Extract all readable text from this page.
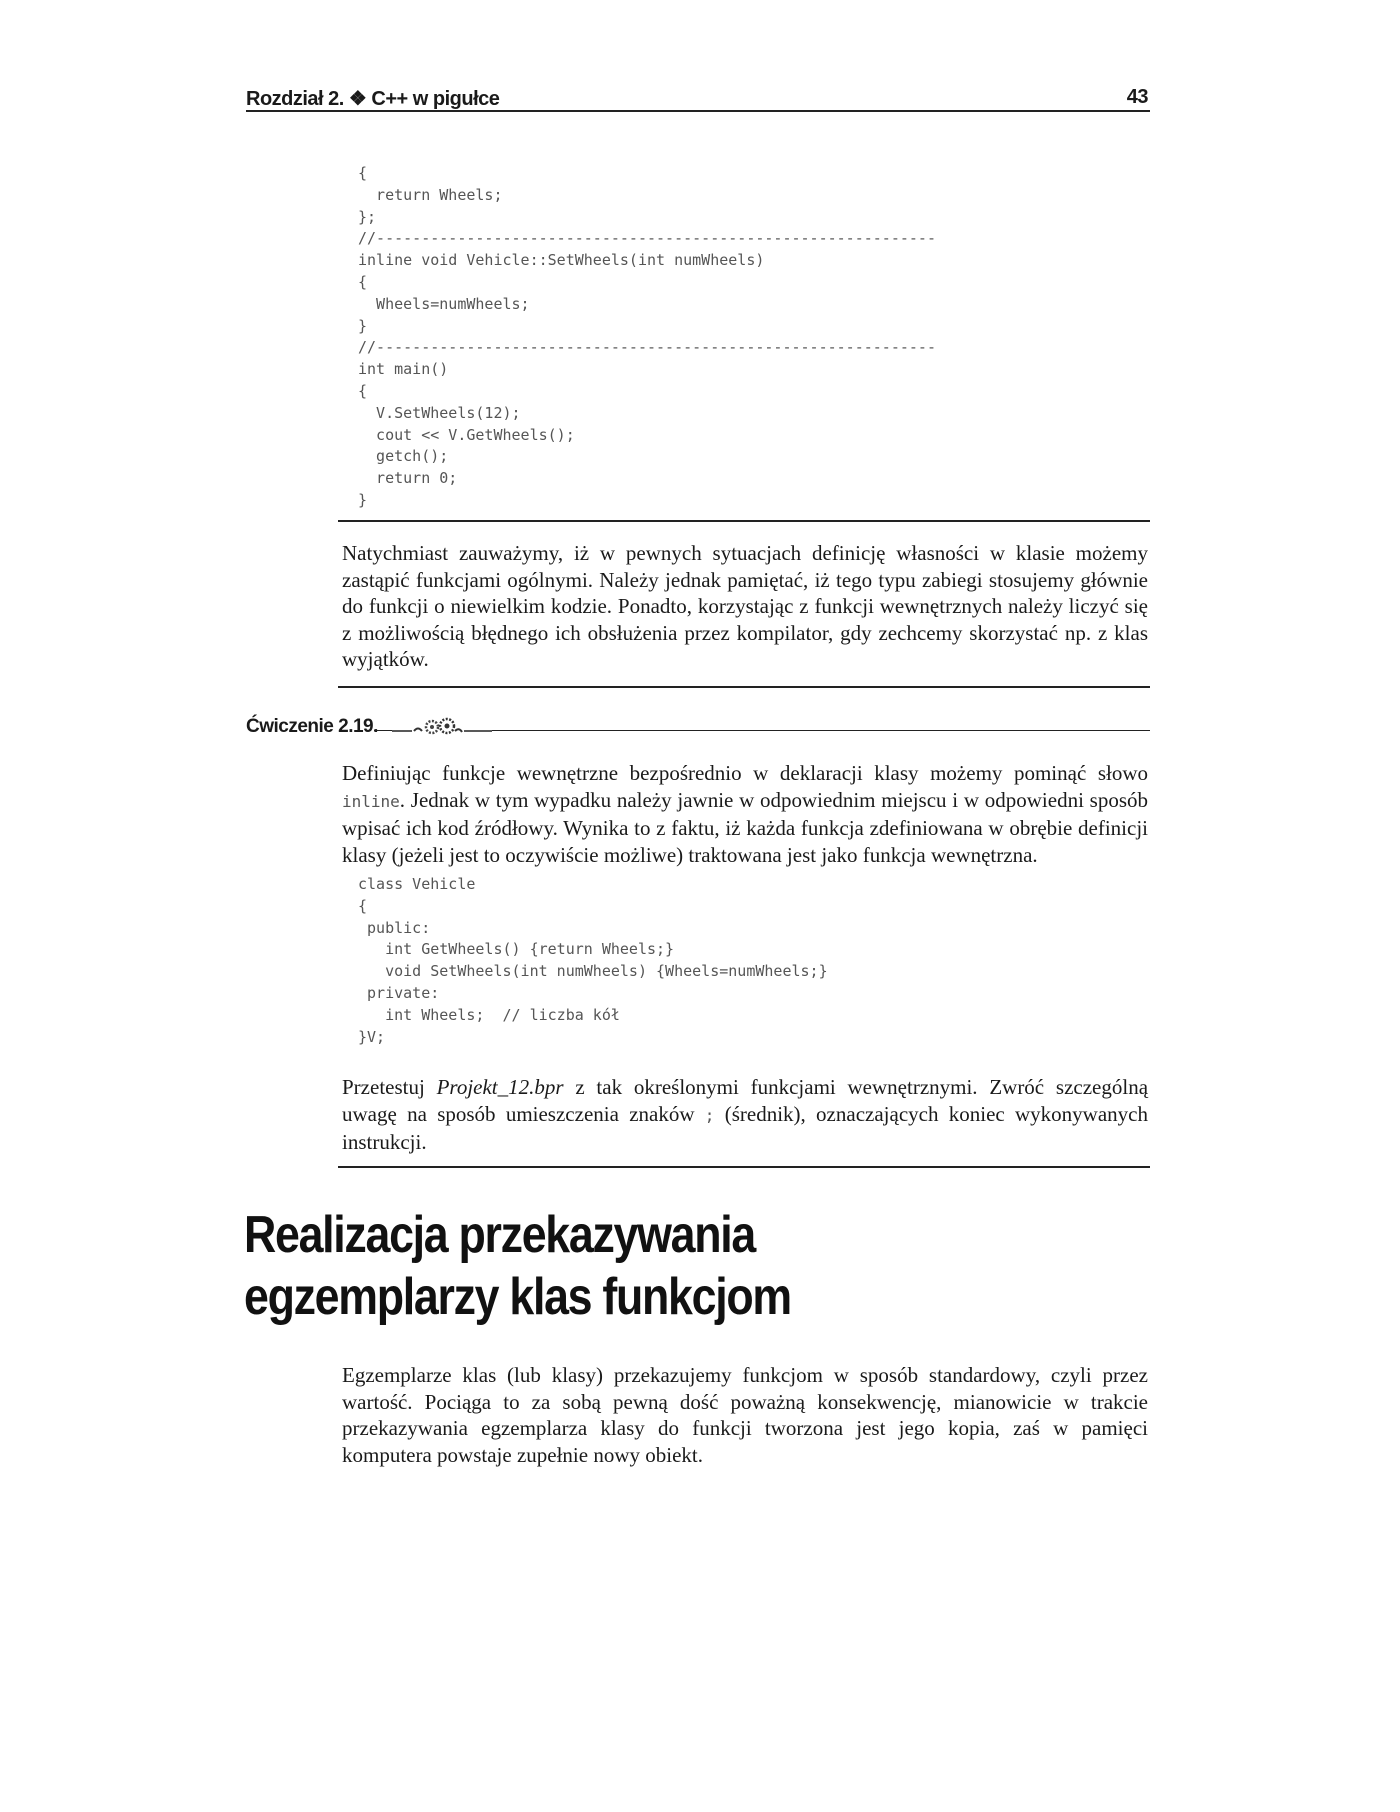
Rozdział 2. ❖ C++ w pigułce	43
{
return Wheels;
};
//--------------------------------------------------------------
inline void Vehicle::SetWheels(int numWheels)
{
Wheels=numWheels;
}
//--------------------------------------------------------------
int main()
{
V.SetWheels(12);
cout << V.GetWheels();
getch();
return 0;
}

Natychmiast zauważymy, iż w pewnych sytuacjach definicję własności w klasie możemy zastąpić funkcjami ogólnymi. Należy jednak pamiętać, iż tego typu zabiegi stosujemy głównie do funkcji o niewielkim kodzie. Ponadto, korzystając z funkcji wewnętrznych należy liczyć się z możliwością błędnego ich obsłużenia przez kompilator, gdy zechcemy skorzystać np. z klas wyjątków.

Ćwiczenie 2.19.

Definiując funkcje wewnętrzne bezpośrednio w deklaracji klasy możemy pominąć słowo inline. Jednak w tym wypadku należy jawnie w odpowiednim miejscu i w odpowiedni sposób wpisać ich kod źródłowy. Wynika to z faktu, iż każda funkcja zdefiniowana w obrębie definicji klasy (jeżeli jest to oczywiście możliwe) traktowana jest jako funkcja wewnętrzna.

class Vehicle
{
public:
int GetWheels() {return Wheels;}
void SetWheels(int numWheels) {Wheels=numWheels;}
private:
int Wheels;  // liczba kół
}V;

Przetestuj Projekt_12.bpr z tak określonymi funkcjami wewnętrznymi. Zwróć szczególną uwagę na sposób umieszczenia znaków ; (średnik), oznaczających koniec wykonywanych instrukcji.

Realizacja przekazywania
egzemplarzy klas funkcjom

Egzemplarze klas (lub klasy) przekazujemy funkcjom w sposób standardowy, czyli przez wartość. Pociąga to za sobą pewną dość poważną konsekwencję, mianowicie w trakcie przekazywania egzemplarza klasy do funkcji tworzona jest jego kopia, zaś w pamięci komputera powstaje zupełnie nowy obiekt.
